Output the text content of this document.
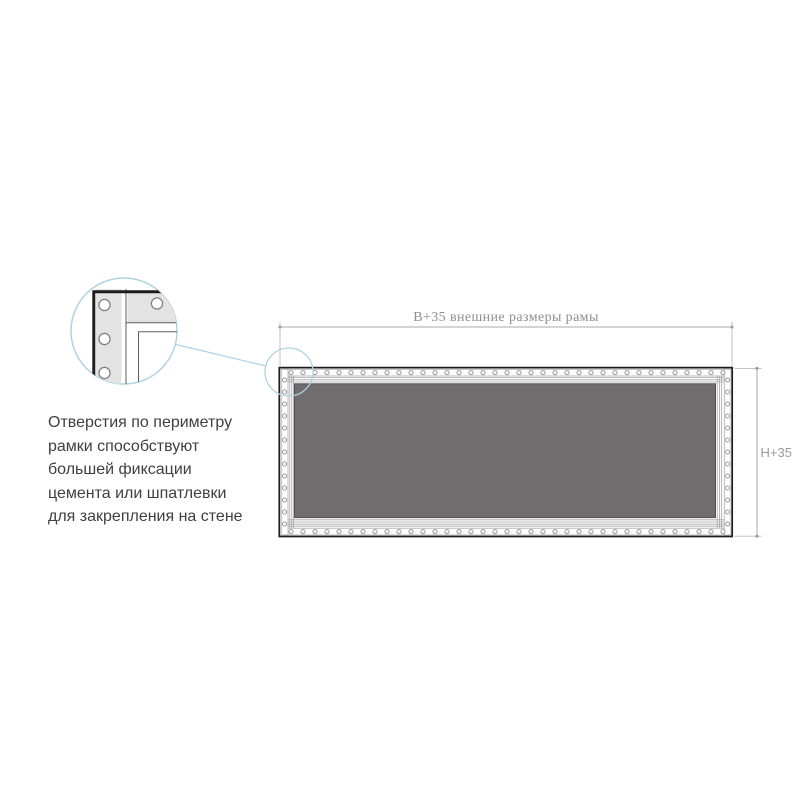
B+35 внешние размеры рамы
H+35
Отверстия по периметру
рамки способствуют
большей фиксации
цемента или шпатлевки
для закрепления на стене
